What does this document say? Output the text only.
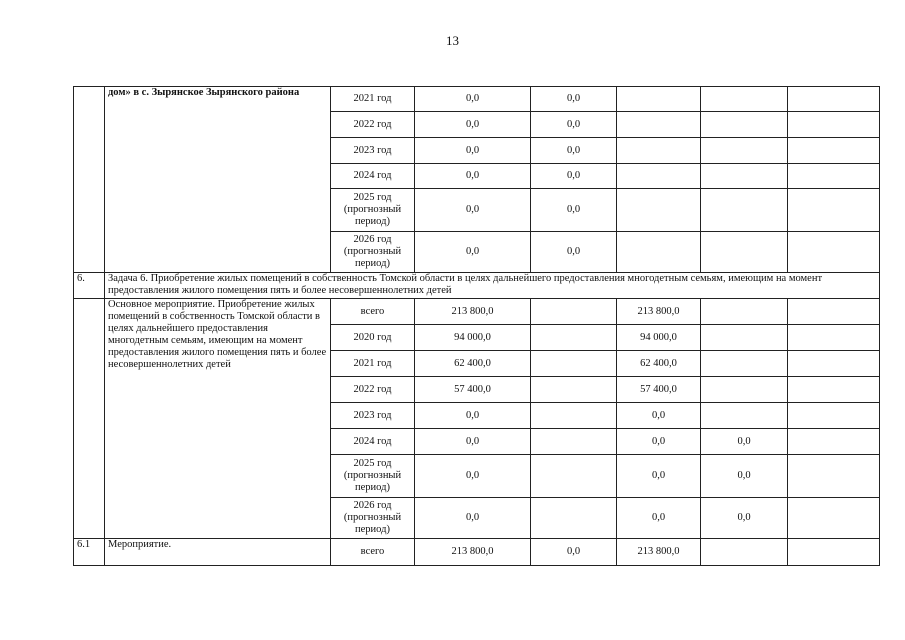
13
	дом» в с. Зырянское Зырянского района	2021 год	0,0	0,0			
		2022 год	0,0	0,0			
		2023 год	0,0	0,0			
		2024 год	0,0	0,0			
		2025 год (прогнозный период)	0,0	0,0			
		2026 год (прогнозный период)	0,0	0,0			
6.	Задача 6. Приобретение жилых помещений в собственность Томской области в целях дальнейшего предоставления многодетным семьям, имеющим на момент предоставления жилого помещения пять и более несовершеннолетних детей						
	Основное мероприятие. Приобретение жилых помещений в собственность Томской области в целях дальнейшего предоставления многодетным семьям, имеющим на момент предоставления жилого помещения пять и более несовершеннолетних детей	всего	213 800,0		213 800,0		
		2020 год	94 000,0		94 000,0		
		2021 год	62 400,0		62 400,0		
		2022 год	57 400,0		57 400,0		
		2023 год	0,0		0,0		
		2024 год	0,0		0,0	0,0	
		2025 год (прогнозный период)	0,0		0,0	0,0	
		2026 год (прогнозный период)	0,0		0,0	0,0	
6.1	Мероприятие.	всего	213 800,0	0,0	213 800,0		
